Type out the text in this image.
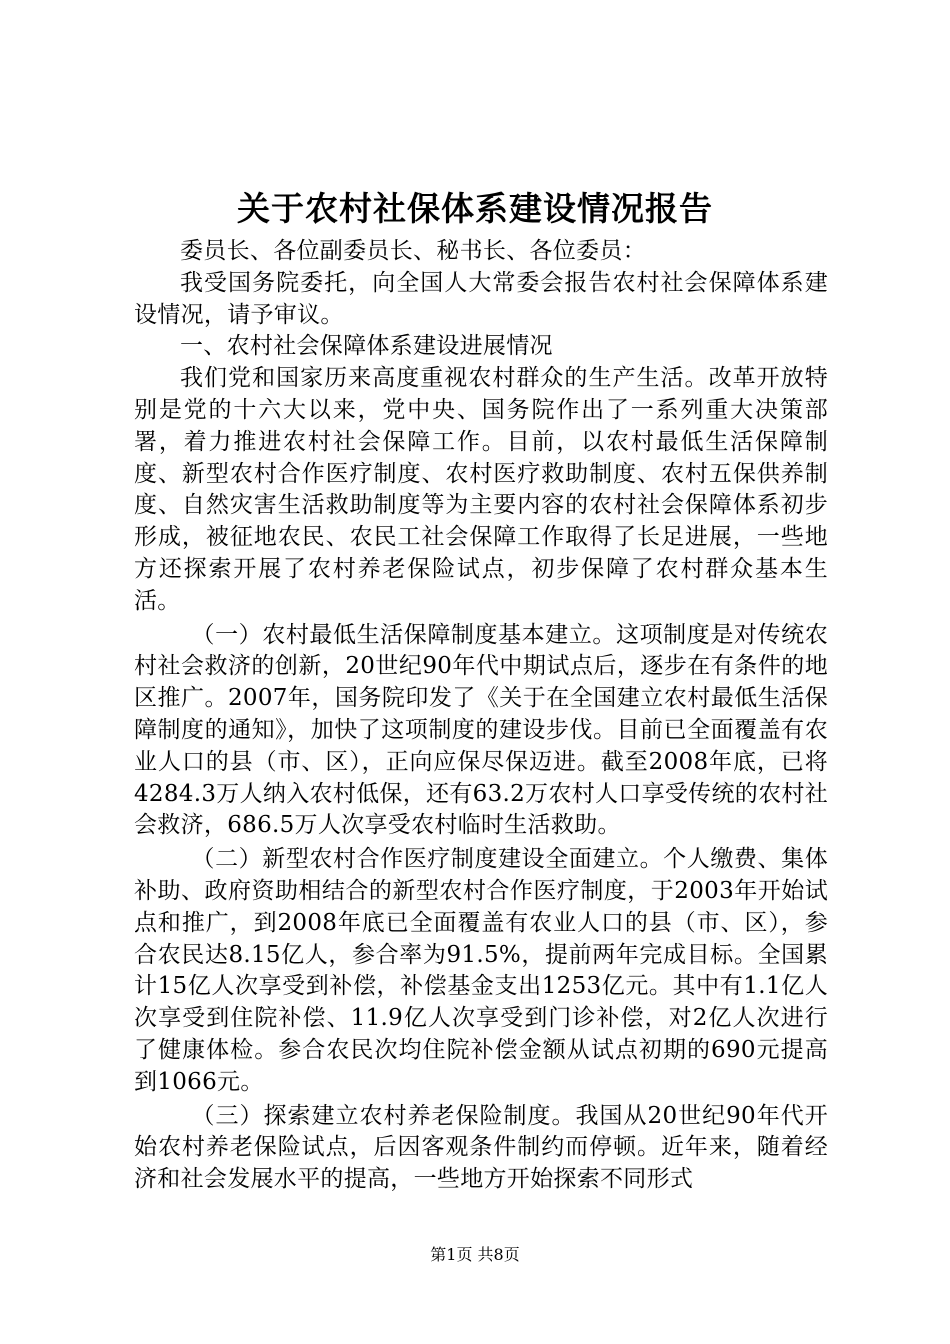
关于农村社保体系建设情况报告

委员长、各位副委员长、秘书长、各位委员：

我受国务院委托，向全国人大常委会报告农村社会保障体系建设情况，请予审议。

一、农村社会保障体系建设进展情况

我们党和国家历来高度重视农村群众的生产生活。改革开放特别是党的十六大以来，党中央、国务院作出了一系列重大决策部署，着力推进农村社会保障工作。目前，以农村最低生活保障制度、新型农村合作医疗制度、农村医疗救助制度、农村五保供养制度、自然灾害生活救助制度等为主要内容的农村社会保障体系初步形成，被征地农民、农民工社会保障工作取得了长足进展，一些地方还探索开展了农村养老保险试点，初步保障了农村群众基本生活。

（一）农村最低生活保障制度基本建立。这项制度是对传统农村社会救济的创新，20世纪90年代中期试点后，逐步在有条件的地区推广。2007年，国务院印发了《关于在全国建立农村最低生活保障制度的通知》，加快了这项制度的建设步伐。目前已全面覆盖有农业人口的县（市、区），正向应保尽保迈进。截至2008年底，已将4284.3万人纳入农村低保，还有63.2万农村人口享受传统的农村社会救济，686.5万人次享受农村临时生活救助。

（二）新型农村合作医疗制度建设全面建立。个人缴费、集体补助、政府资助相结合的新型农村合作医疗制度，于2003年开始试点和推广，到2008年底已全面覆盖有农业人口的县（市、区），参合农民达8.15亿人，参合率为91.5%，提前两年完成目标。全国累计15亿人次享受到补偿，补偿基金支出1253亿元。其中有1.1亿人次享受到住院补偿、11.9亿人次享受到门诊补偿，对2亿人次进行了健康体检。参合农民次均住院补偿金额从试点初期的690元提高到1066元。

（三）探索建立农村养老保险制度。我国从20世纪90年代开始农村养老保险试点，后因客观条件制约而停顿。近年来，随着经济和社会发展水平的提高，一些地方开始探索不同形式

第1页 共8页
